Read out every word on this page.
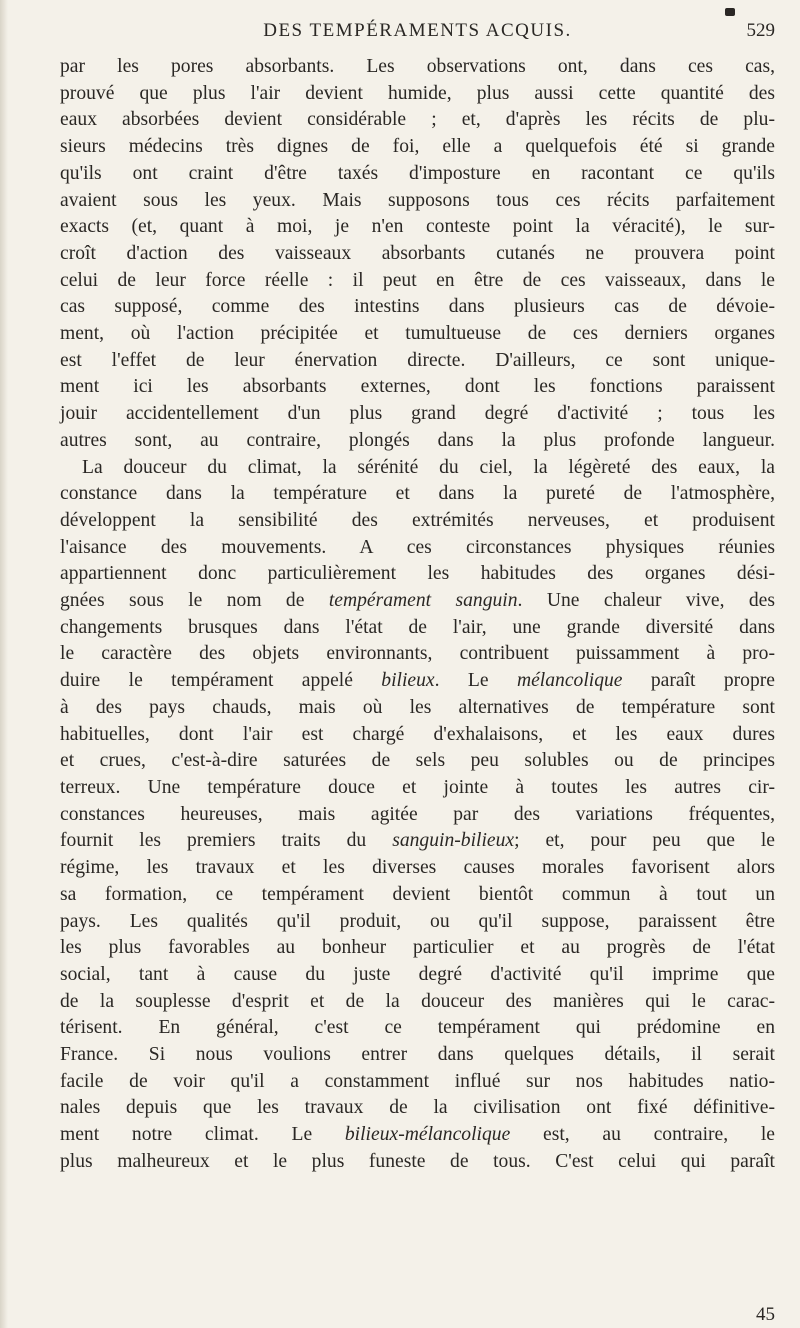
DES TEMPÉRAMENTS ACQUIS.	529

par les pores absorbants. Les observations ont, dans ces cas,
prouvé que plus l'air devient humide, plus aussi cette quantité des
eaux absorbées devient considérable ; et, d'après les récits de plu-
sieurs médecins très dignes de foi, elle a quelquefois été si grande
qu'ils ont craint d'être taxés d'imposture en racontant ce qu'ils
avaient sous les yeux. Mais supposons tous ces récits parfaitement
exacts (et, quant à moi, je n'en conteste point la véracité), le sur-
croît d'action des vaisseaux absorbants cutanés ne prouvera point
celui de leur force réelle : il peut en être de ces vaisseaux, dans le
cas supposé, comme des intestins dans plusieurs cas de dévoie-
ment, où l'action précipitée et tumultueuse de ces derniers organes
est l'effet de leur énervation directe. D'ailleurs, ce sont unique-
ment ici les absorbants externes, dont les fonctions paraissent
jouir accidentellement d'un plus grand degré d'activité ; tous les
autres sont, au contraire, plongés dans la plus profonde langueur.
La douceur du climat, la sérénité du ciel, la légèreté des eaux, la
constance dans la température et dans la pureté de l'atmosphère,
développent la sensibilité des extrémités nerveuses, et produisent
l'aisance des mouvements. A ces circonstances physiques réunies
appartiennent donc particulièrement les habitudes des organes dési-
gnées sous le nom de tempérament sanguin. Une chaleur vive, des
changements brusques dans l'état de l'air, une grande diversité dans
le caractère des objets environnants, contribuent puissamment à pro-
duire le tempérament appelé bilieux. Le mélancolique paraît propre
à des pays chauds, mais où les alternatives de température sont
habituelles, dont l'air est chargé d'exhalaisons, et les eaux dures
et crues, c'est-à-dire saturées de sels peu solubles ou de principes
terreux. Une température douce et jointe à toutes les autres cir-
constances heureuses, mais agitée par des variations fréquentes,
fournit les premiers traits du sanguin-bilieux; et, pour peu que le
régime, les travaux et les diverses causes morales favorisent alors
sa formation, ce tempérament devient bientôt commun à tout un
pays. Les qualités qu'il produit, ou qu'il suppose, paraissent être
les plus favorables au bonheur particulier et au progrès de l'état
social, tant à cause du juste degré d'activité qu'il imprime que
de la souplesse d'esprit et de la douceur des manières qui le carac-
térisent. En général, c'est ce tempérament qui prédomine en
France. Si nous voulions entrer dans quelques détails, il serait
facile de voir qu'il a constamment influé sur nos habitudes natio-
nales depuis que les travaux de la civilisation ont fixé définitive-
ment notre climat. Le bilieux-mélancolique est, au contraire, le
plus malheureux et le plus funeste de tous. C'est celui qui paraît

45
